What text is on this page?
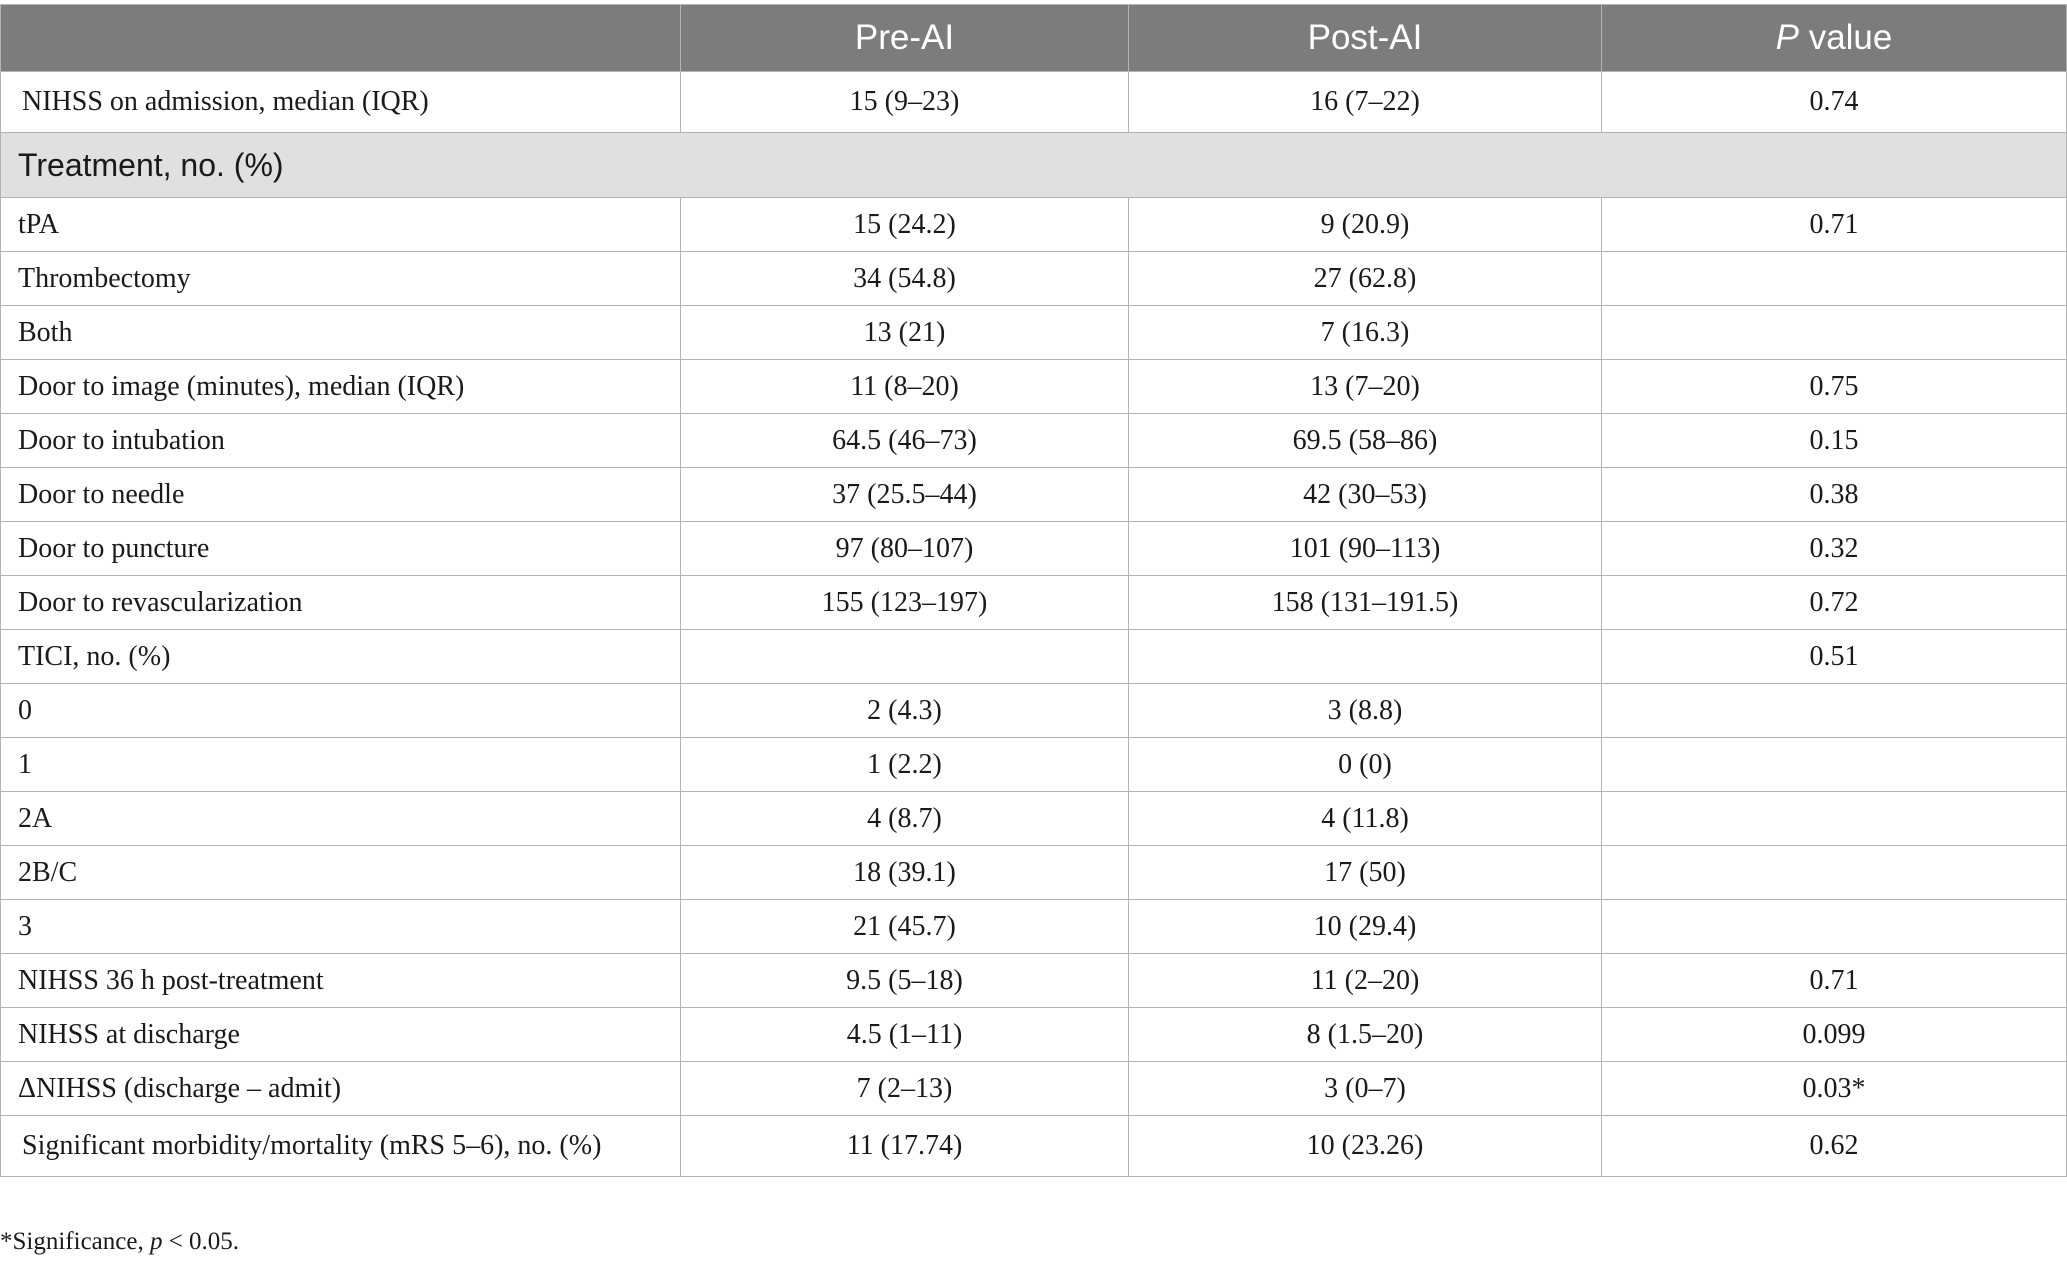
	Pre-AI	Post-AI	P value
NIHSS on admission, median (IQR)	15 (9–23)	16 (7–22)	0.74
Treatment, no. (%)			
tPA	15 (24.2)	9 (20.9)	0.71
Thrombectomy	34 (54.8)	27 (62.8)	
Both	13 (21)	7 (16.3)	
Door to image (minutes), median (IQR)	11 (8–20)	13 (7–20)	0.75
Door to intubation	64.5 (46–73)	69.5 (58–86)	0.15
Door to needle	37 (25.5–44)	42 (30–53)	0.38
Door to puncture	97 (80–107)	101 (90–113)	0.32
Door to revascularization	155 (123–197)	158 (131–191.5)	0.72
TICI, no. (%)			0.51
0	2 (4.3)	3 (8.8)	
1	1 (2.2)	0 (0)	
2A	4 (8.7)	4 (11.8)	
2B/C	18 (39.1)	17 (50)	
3	21 (45.7)	10 (29.4)	
NIHSS 36 h post-treatment	9.5 (5–18)	11 (2–20)	0.71
NIHSS at discharge	4.5 (1–11)	8 (1.5–20)	0.099
ΔNIHSS (discharge – admit)	7 (2–13)	3 (0–7)	0.03*
Significant morbidity/mortality (mRS 5–6), no. (%)	11 (17.74)	10 (23.26)	0.62
*Significance, p < 0.05.
